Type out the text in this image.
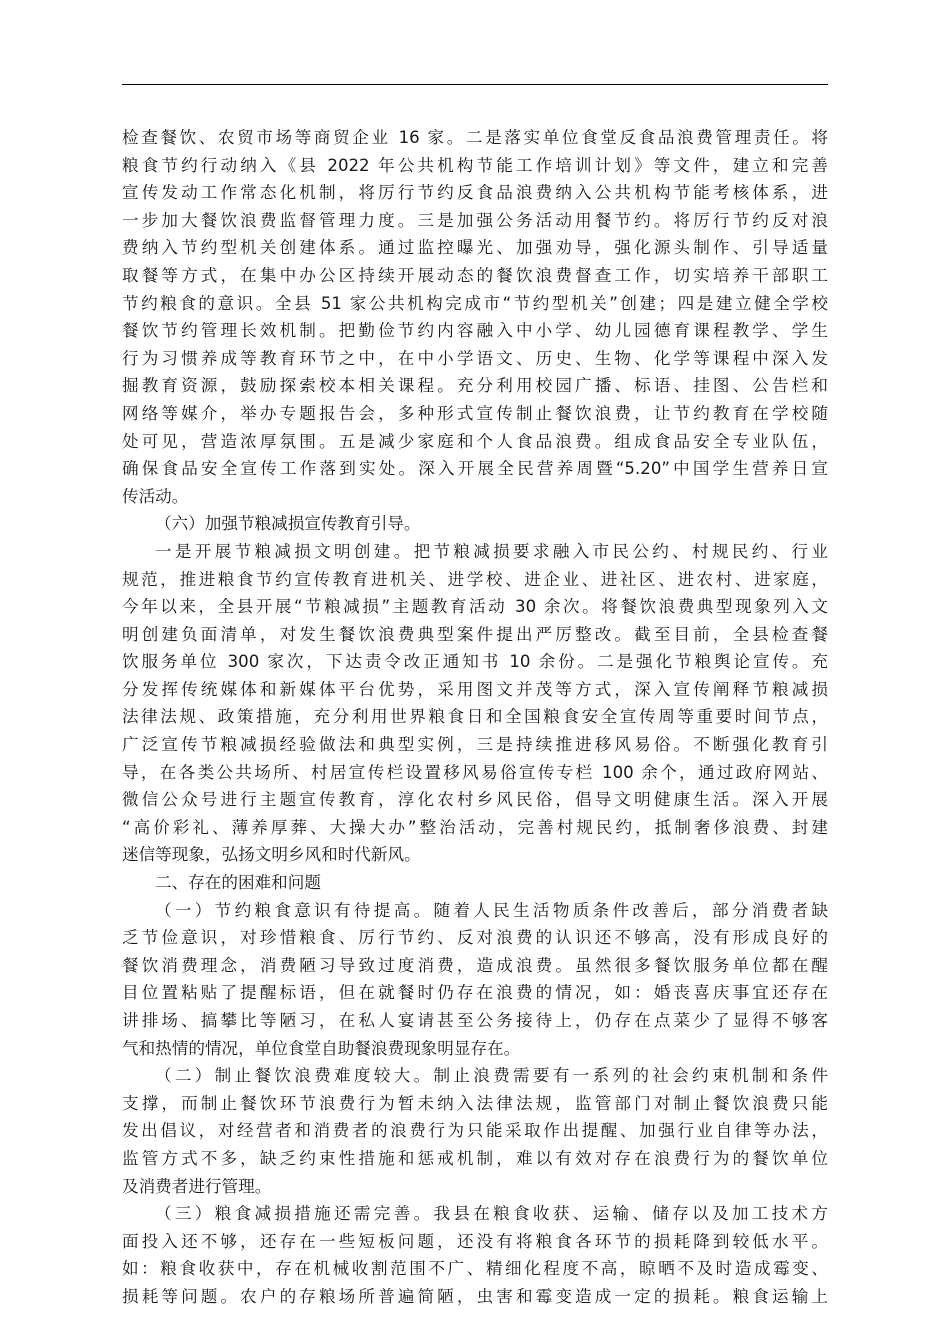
检查餐饮、农贸市场等商贸企业 16 家。二是落实单位食堂反食品浪费管理责任。将
粮食节约行动纳入《县 2022 年公共机构节能工作培训计划》等文件，建立和完善
宣传发动工作常态化机制，将厉行节约反食品浪费纳入公共机构节能考核体系，进
一步加大餐饮浪费监督管理力度。三是加强公务活动用餐节约。将厉行节约反对浪
费纳入节约型机关创建体系。通过监控曝光、加强劝导，强化源头制作、引导适量
取餐等方式，在集中办公区持续开展动态的餐饮浪费督查工作，切实培养干部职工
节约粮食的意识。全县 51 家公共机构完成市“节约型机关”创建；四是建立健全学校
餐饮节约管理长效机制。把勤俭节约内容融入中小学、幼儿园德育课程教学、学生
行为习惯养成等教育环节之中，在中小学语文、历史、生物、化学等课程中深入发
掘教育资源，鼓励探索校本相关课程。充分利用校园广播、标语、挂图、公告栏和
网络等媒介，举办专题报告会，多种形式宣传制止餐饮浪费，让节约教育在学校随
处可见，营造浓厚氛围。五是减少家庭和个人食品浪费。组成食品安全专业队伍，
确保食品安全宣传工作落到实处。深入开展全民营养周暨“5.20”中国学生营养日宣
传活动。
（六）加强节粮减损宣传教育引导。
一是开展节粮减损文明创建。把节粮减损要求融入市民公约、村规民约、行业
规范，推进粮食节约宣传教育进机关、进学校、进企业、进社区、进农村、进家庭，
今年以来，全县开展“节粮减损”主题教育活动 30 余次。将餐饮浪费典型现象列入文
明创建负面清单，对发生餐饮浪费典型案件提出严厉整改。截至目前，全县检查餐
饮服务单位 300 家次，下达责令改正通知书 10 余份。二是强化节粮舆论宣传。充
分发挥传统媒体和新媒体平台优势，采用图文并茂等方式，深入宣传阐释节粮减损
法律法规、政策措施，充分利用世界粮食日和全国粮食安全宣传周等重要时间节点，
广泛宣传节粮减损经验做法和典型实例，三是持续推进移风易俗。不断强化教育引
导，在各类公共场所、村居宣传栏设置移风易俗宣传专栏 100 余个，通过政府网站、
微信公众号进行主题宣传教育，淳化农村乡风民俗，倡导文明健康生活。深入开展
“高价彩礼、薄养厚葬、大操大办”整治活动，完善村规民约，抵制奢侈浪费、封建
迷信等现象，弘扬文明乡风和时代新风。
二、存在的困难和问题
（一）节约粮食意识有待提高。随着人民生活物质条件改善后，部分消费者缺
乏节俭意识，对珍惜粮食、厉行节约、反对浪费的认识还不够高，没有形成良好的
餐饮消费理念，消费陋习导致过度消费，造成浪费。虽然很多餐饮服务单位都在醒
目位置粘贴了提醒标语，但在就餐时仍存在浪费的情况，如：婚丧喜庆事宜还存在
讲排场、搞攀比等陋习，在私人宴请甚至公务接待上，仍存在点菜少了显得不够客
气和热情的情况，单位食堂自助餐浪费现象明显存在。
（二）制止餐饮浪费难度较大。制止浪费需要有一系列的社会约束机制和条件
支撑，而制止餐饮环节浪费行为暂未纳入法律法规，监管部门对制止餐饮浪费只能
发出倡议，对经营者和消费者的浪费行为只能采取作出提醒、加强行业自律等办法，
监管方式不多，缺乏约束性措施和惩戒机制，难以有效对存在浪费行为的餐饮单位
及消费者进行管理。
（三）粮食减损措施还需完善。我县在粮食收获、运输、储存以及加工技术方
面投入还不够，还存在一些短板问题，还没有将粮食各环节的损耗降到较低水平。
如：粮食收获中，存在机械收割范围不广、精细化程度不高，晾晒不及时造成霉变、
损耗等问题。农户的存粮场所普遍简陋，虫害和霉变造成一定的损耗。粮食运输上
